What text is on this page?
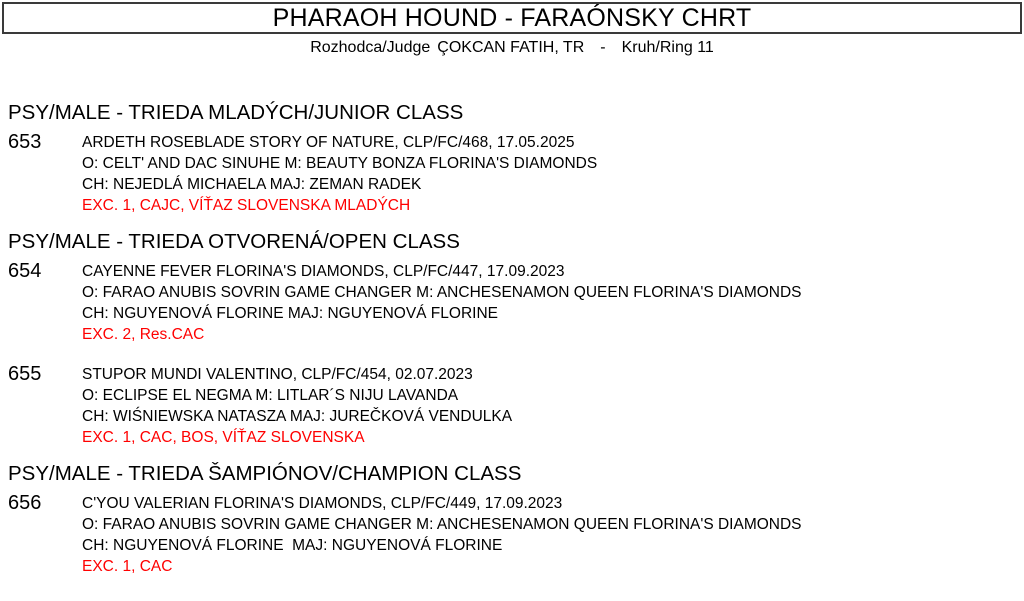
PHARAOH HOUND - FARAÓNSKY CHRT
Rozhodca/Judge ÇOKCAN FATIH, TR - Kruh/Ring 11
PSY/MALE - TRIEDA MLADÝCH/JUNIOR CLASS
653	ARDETH ROSEBLADE STORY OF NATURE, CLP/FC/468, 17.05.2025
O: CELT' AND DAC SINUHE M: BEAUTY BONZA FLORINA'S DIAMONDS
CH: NEJEDLÁ MICHAELA MAJ: ZEMAN RADEK
EXC. 1, CAJC, VÍŤAZ SLOVENSKA MLADÝCH
PSY/MALE - TRIEDA OTVORENÁ/OPEN CLASS
654	CAYENNE FEVER FLORINA'S DIAMONDS, CLP/FC/447, 17.09.2023
O: FARAO ANUBIS SOVRIN GAME CHANGER M: ANCHESENAMON QUEEN FLORINA'S DIAMONDS
CH: NGUYENOVÁ FLORINE MAJ: NGUYENOVÁ FLORINE
EXC. 2, Res.CAC
655	STUPOR MUNDI VALENTINO, CLP/FC/454, 02.07.2023
O: ECLIPSE EL NEGMA M: LITLAR´S NIJU LAVANDA
CH: WIŚNIEWSKA NATASZA MAJ: JUREČKOVÁ VENDULKA
EXC. 1, CAC, BOS, VÍŤAZ SLOVENSKA
PSY/MALE - TRIEDA ŠAMPIÓNOV/CHAMPION CLASS
656	C'YOU VALERIAN FLORINA'S DIAMONDS, CLP/FC/449, 17.09.2023
O: FARAO ANUBIS SOVRIN GAME CHANGER M: ANCHESENAMON QUEEN FLORINA'S DIAMONDS
CH: NGUYENOVÁ FLORINE  MAJ: NGUYENOVÁ FLORINE
EXC. 1, CAC
